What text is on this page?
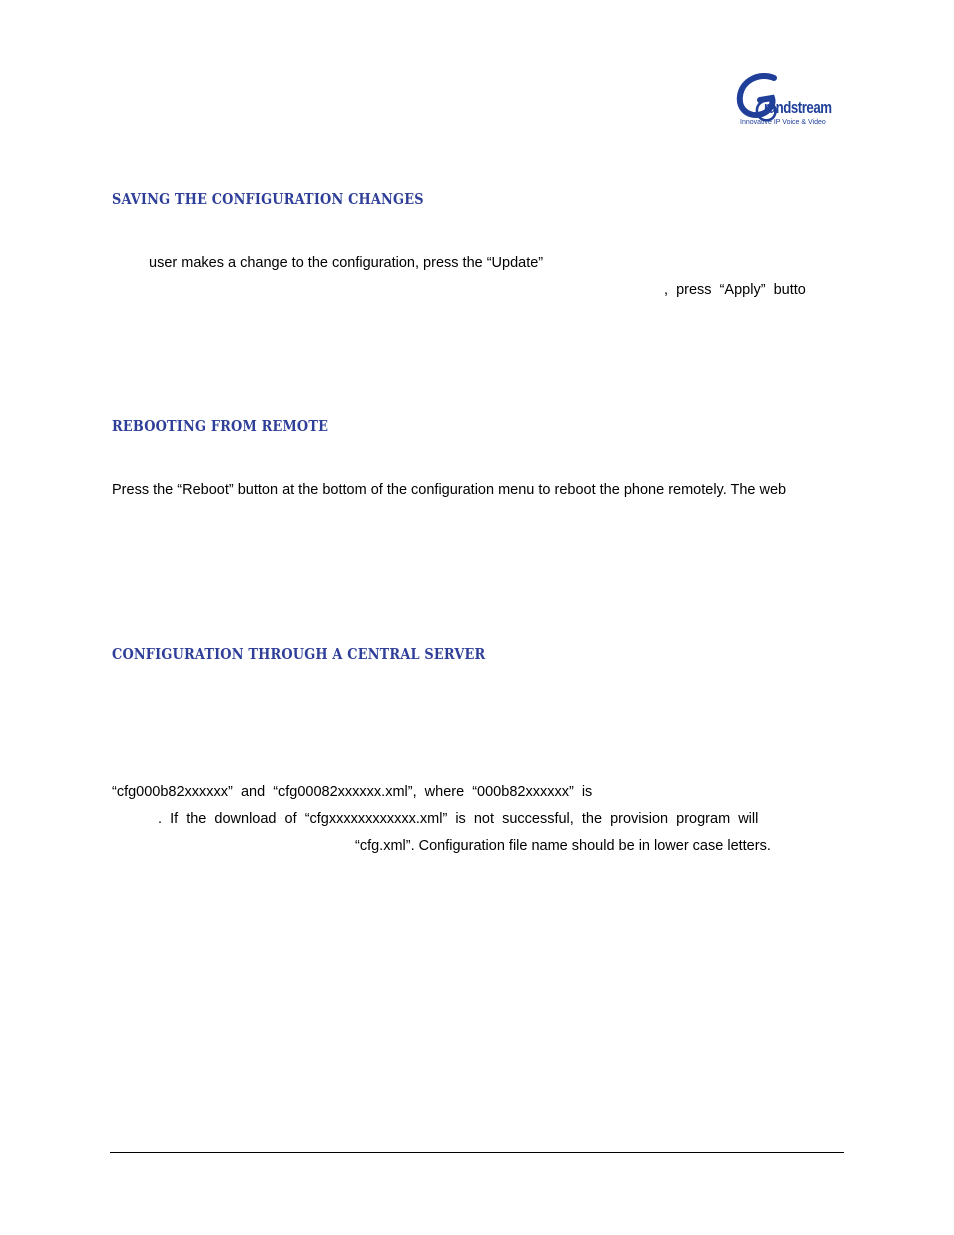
randstream
Innovative IP Voice & Video
SAVING THE CONFIGURATION CHANGES
user makes a change to the configuration, press the “Update”
,  press  “Apply”  butto
REBOOTING FROM REMOTE
Press the “Reboot” button at the bottom of the configuration menu to reboot the phone remotely. The web
CONFIGURATION THROUGH A CENTRAL SERVER
“cfg000b82xxxxxx”  and  “cfg00082xxxxxx.xml”,  where  “000b82xxxxxx”  is
.  If  the  download  of  “cfgxxxxxxxxxxxx.xml”  is  not  successful,  the  provision  program  will
“cfg.xml”. Configuration file name should be in lower case letters.
